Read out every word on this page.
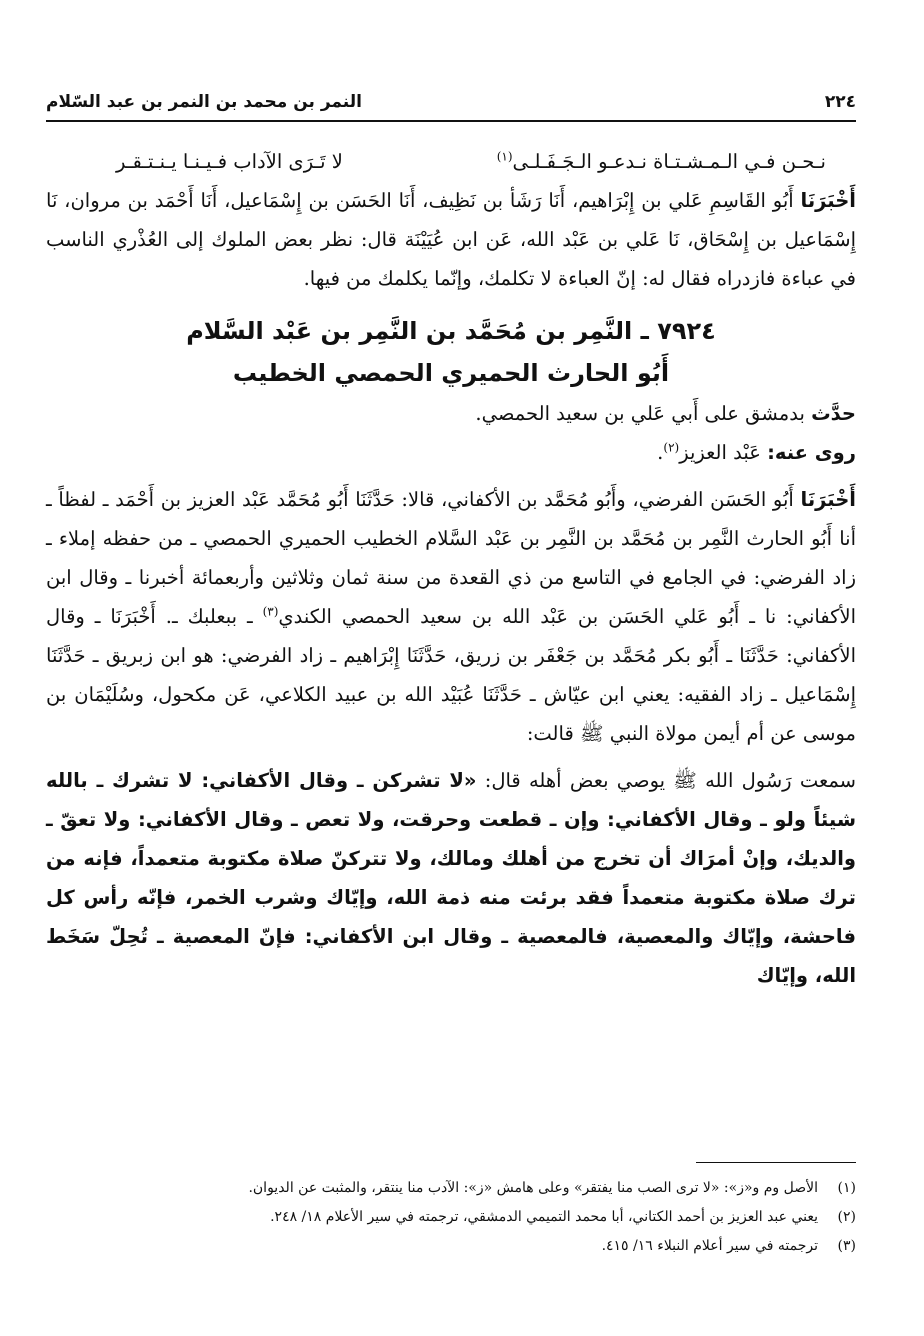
٢٢٤
النمر بن محمد بن النمر بن عبد السّلام
نـحـن فـي الـمـشـتـاة نـدعـو الـجَـفَـلـى$^{(١)}$
لا تَـرَى الآداب فـيـنـا يـنـتـقـر

أَخْبَرَنَا أَبُو القَاسِمِ عَلي بن إِبْرَاهيم، أَنَا رَشَأ بن نَظِيف، أَنَا الحَسَن بن إِسْمَاعيل، أَنَا أَحْمَد بن مروان، نَا إِسْمَاعيل بن إِسْحَاق، نَا عَلي بن عَبْد الله، عَن ابن عُيَيْنَة قال: نظر بعض الملوك إلى العُذْري الناسب في عباءة فازدراه فقال له: إنّ العباءة لا تكلمك، وإنّما يكلمك من فيها.

٧٩٢٤ ـ النَّمِر بن مُحَمَّد بن النَّمِر بن عَبْد السَّلام
أَبُو الحارث الحميري الحمصي الخطيب

حدَّث بدمشق على أَبي عَلي بن سعيد الحمصي.

روى عنه: عَبْد العزيز$^{(٢)}$.

أَخْبَرَنَا أَبُو الحَسَن الفرضي، وأَبُو مُحَمَّد بن الأكفاني، قالا: حَدَّثَنَا أَبُو مُحَمَّد عَبْد العزيز بن أَحْمَد ـ لفظاً ـ أنا أَبُو الحارث النَّمِر بن مُحَمَّد بن النَّمِر بن عَبْد السَّلام الخطيب الحميري الحمصي ـ من حفظه إملاء ـ زاد الفرضي: في الجامع في التاسع من ذي القعدة من سنة ثمان وثلاثين وأربعمائة أخبرنا ـ وقال ابن الأكفاني: نا ـ أَبُو عَلي الحَسَن بن عَبْد الله بن سعيد الحمصي الكندي$^{(٣)}$ ـ ببعلبك ـ. أَخْبَرَنَا ـ وقال الأكفاني: حَدَّثَنَا ـ أَبُو بكر مُحَمَّد بن جَعْفَر بن زريق، حَدَّثَنَا إِبْرَاهيم ـ زاد الفرضي: هو ابن زبريق ـ حَدَّثَنَا إِسْمَاعيل ـ زاد الفقيه: يعني ابن عيّاش ـ حَدَّثَنَا عُبَيْد الله بن عبيد الكلاعي، عَن مكحول، وسُلَيْمَان بن موسى عن أم أيمن مولاة النبي ﷺ قالت:

سمعت رَسُول الله ﷺ يوصي بعض أهله قال: «لا تشركن ـ وقال الأكفاني: لا تشرك ـ بالله شيئاً ولو ـ وقال الأكفاني: وإن ـ قطعت وحرقت، ولا تعص ـ وقال الأكفاني: ولا تعقّ ـ والديك، وإنْ أمرَاك أن تخرج من أهلك ومالك، ولا تتركنّ صلاة مكتوبة متعمداً، فإنه من ترك صلاة مكتوبة متعمداً فقد برئت منه ذمة الله، وإيّاك وشرب الخمر، فإنّه رأس كل فاحشة، وإيّاك والمعصية، فالمعصية ـ وقال ابن الأكفاني: فإنّ المعصية ـ تُحِلّ سَخَط الله، وإيّاك

(١)
الأصل وم و«ز»: «لا ترى الصب منا يفتقر» وعلى هامش «ز»: الآدب منا ينتقر، والمثبت عن الديوان.
(٢)
يعني عبد العزيز بن أحمد الكتاني، أبا محمد التميمي الدمشقي، ترجمته في سير الأعلام ١٨/ ٢٤٨.
(٣)
ترجمته في سير أعلام النبلاء ١٦/ ٤١٥.
